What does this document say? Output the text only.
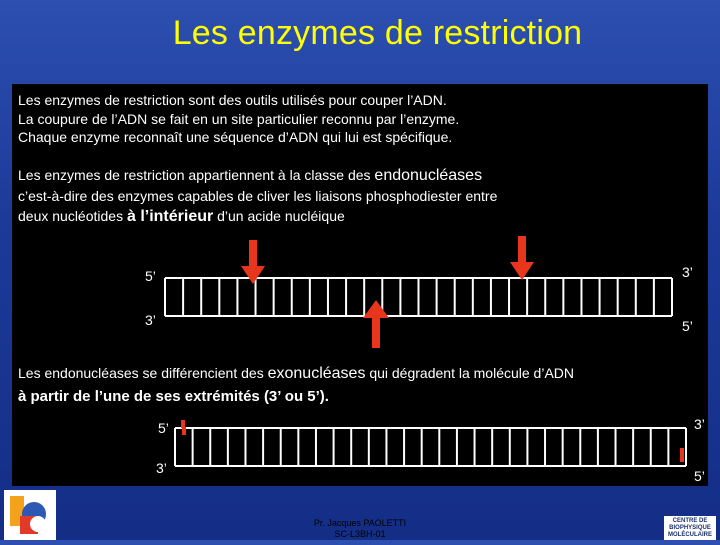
Les enzymes de restriction
Les enzymes de restriction sont des outils utilisés pour couper l’ADN.
La coupure de l’ADN se fait en un site particulier reconnu par l’enzyme.
Chaque enzyme reconnaît une séquence d’ADN qui lui est spécifique.
Les enzymes de restriction appartiennent à la classe des endonucléases
c’est-à-dire des enzymes capables de cliver les liaisons phosphodiester entre
deux nucléotides à l’intérieur d’un acide nucléique
5’	3’
3’	5’
Les endonucléases se différencient des exonucléases qui dégradent la molécule d’ADN
à partir de l’une de ses extrémités (3’ ou 5’).
5’	3’
3’	5’
CENTRE DE BIOPHYSIQUE MOLÉCULAIRE
Pr. Jacques PAOLETTI
SC-L3BH-01
